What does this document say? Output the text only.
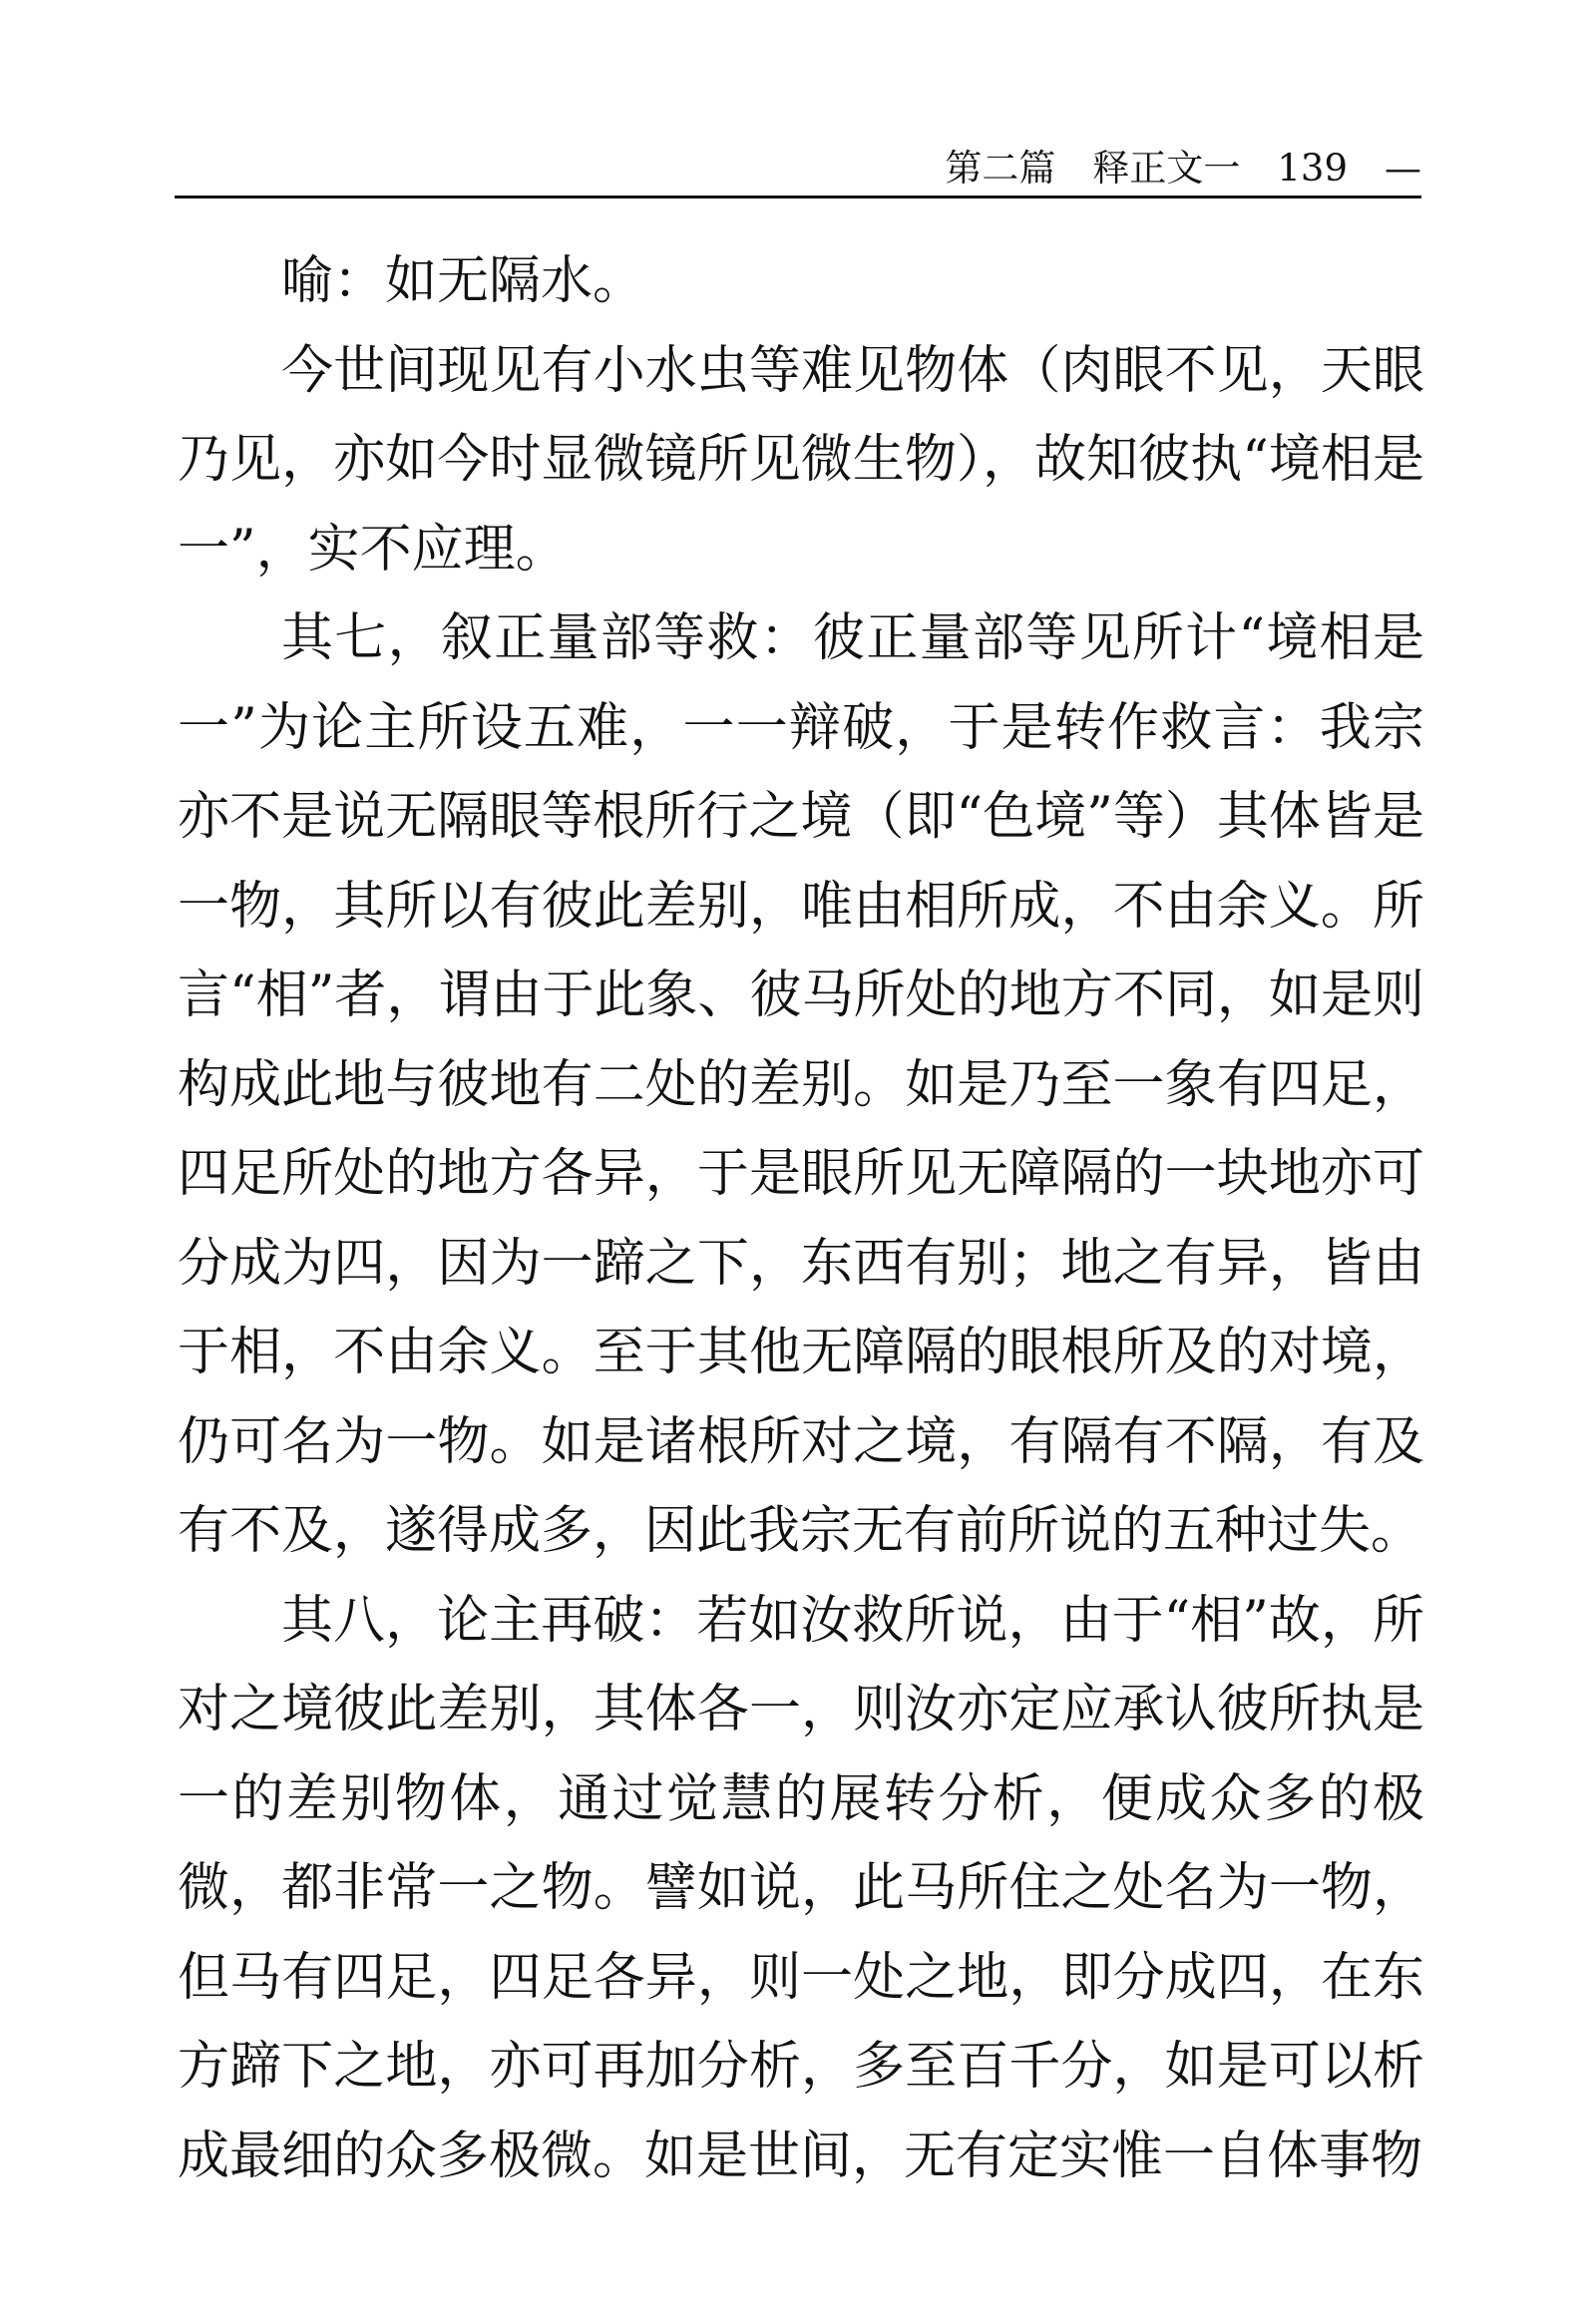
第二篇　释正文一　139　—

喻：如无隔水。

今世间现见有小水虫等难见物体（肉眼不见，天眼乃见，亦如今时显微镜所见微生物），故知彼执“境相是一”，实不应理。

其七，叙正量部等救：彼正量部等见所计“境相是一”为论主所设五难，一一辩破，于是转作救言：我宗亦不是说无隔眼等根所行之境（即“色境”等）其体皆是一物，其所以有彼此差别，唯由相所成，不由余义。所言“相”者，谓由于此象、彼马所处的地方不同，如是则构成此地与彼地有二处的差别。如是乃至一象有四足，四足所处的地方各异，于是眼所见无障隔的一块地亦可分成为四，因为一蹄之下，东西有别；地之有异，皆由于相，不由余义。至于其他无障隔的眼根所及的对境，仍可名为一物。如是诸根所对之境，有隔有不隔，有及有不及，遂得成多，因此我宗无有前所说的五种过失。

其八，论主再破：若如汝救所说，由于“相”故，所对之境彼此差别，其体各一，则汝亦定应承认彼所执是一的差别物体，通过觉慧的展转分析，便成众多的极微，都非常一之物。譬如说，此马所住之处名为一物，但马有四足，四足各异，则一处之地，即分成四，在东方蹄下之地，亦可再加分析，多至百千分，如是可以析成最细的众多极微。如是世间，无有定实惟一自体事物
